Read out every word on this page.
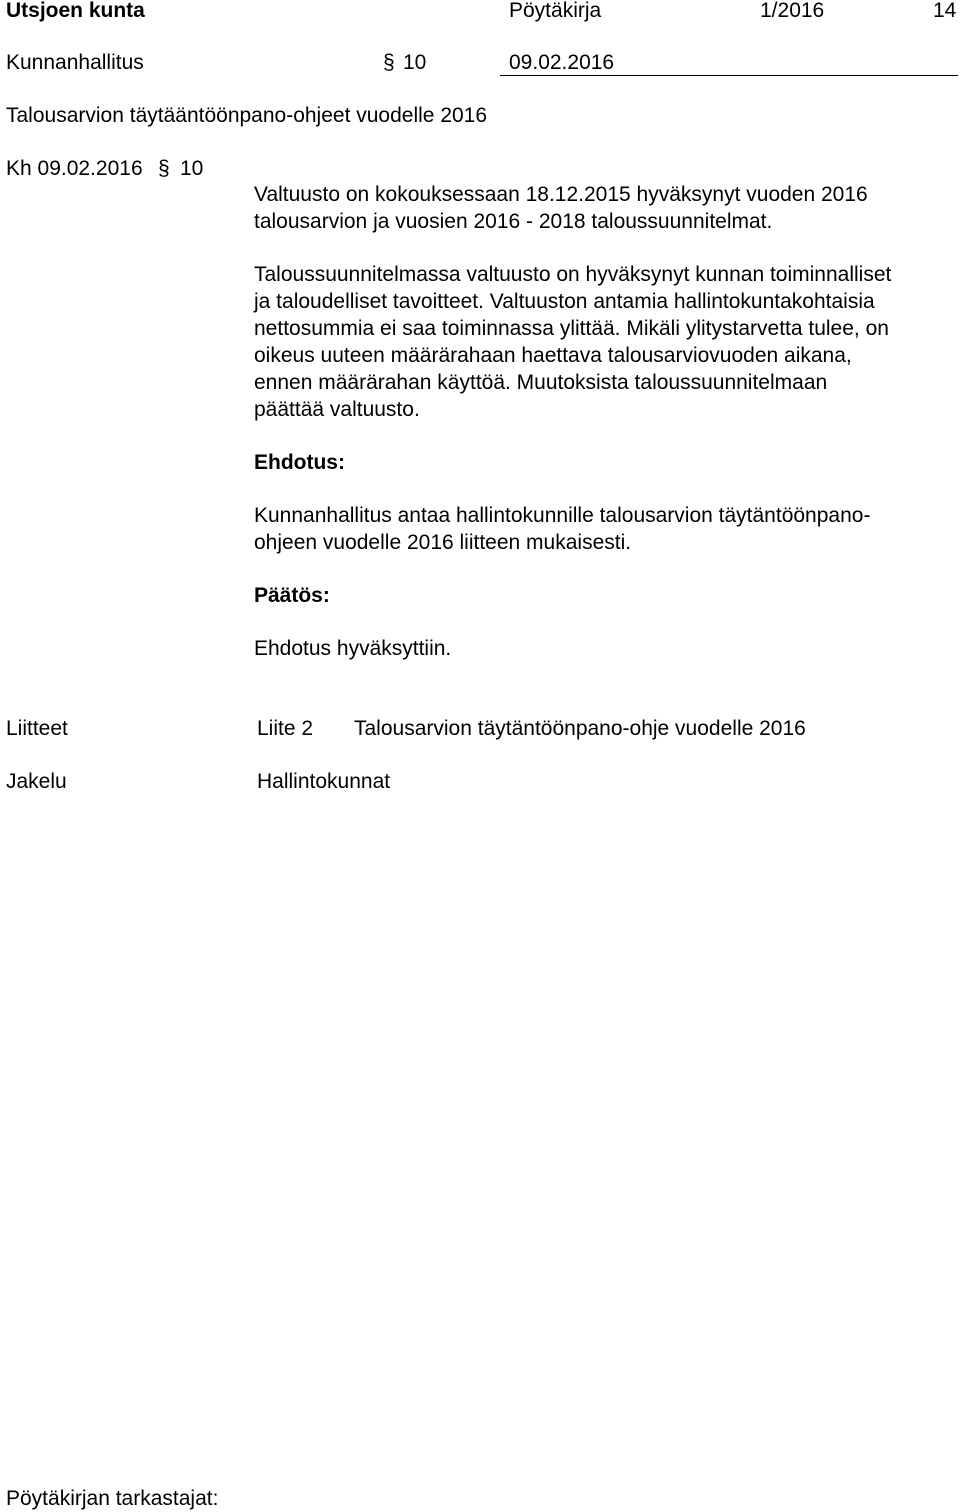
Utsjoen kunta	Pöytäkirja	1/2016	14
Kunnanhallitus	§ 10	09.02.2016
Talousarvion täytääntöönpano-ohjeet vuodelle 2016
Kh 09.02.2016 § 10
Valtuusto on kokouksessaan 18.12.2015 hyväksynyt vuoden 2016
talousarvion ja vuosien 2016 - 2018 taloussuunnitelmat.
Taloussuunnitelmassa valtuusto on hyväksynyt kunnan toiminnalliset
ja taloudelliset tavoitteet. Valtuuston antamia hallintokuntakohtaisia
nettosummia ei saa toiminnassa ylittää. Mikäli ylitystarvetta tulee, on
oikeus uuteen määrärahaan haettava talousarviovuoden aikana,
ennen määrärahan käyttöä. Muutoksista taloussuunnitelmaan
päättää valtuusto.
Ehdotus:
Kunnanhallitus antaa hallintokunnille talousarvion täytäntöönpano-
ohjeen vuodelle 2016 liitteen mukaisesti.
Päätös:
Ehdotus hyväksyttiin.
Liitteet	Liite 2 Talousarvion täytäntöönpano-ohje vuodelle 2016
Jakelu	Hallintokunnat
Pöytäkirjan tarkastajat:
